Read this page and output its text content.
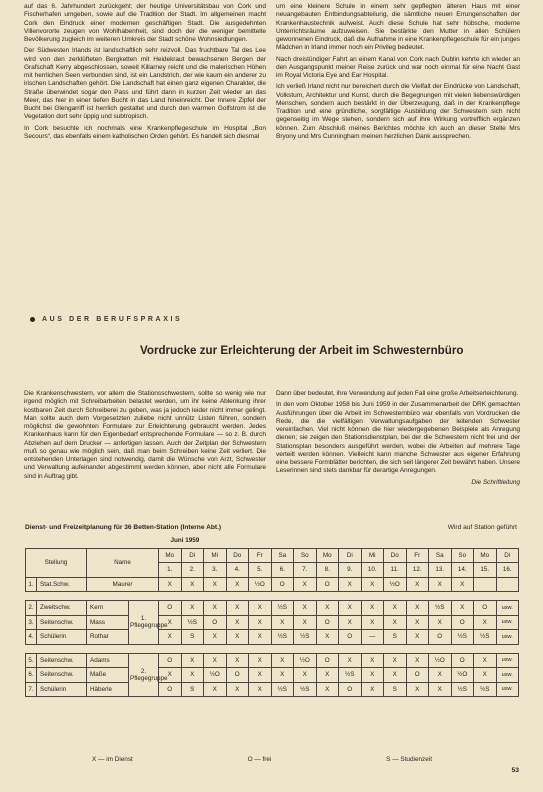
auf das 6. Jahrhundert zurückgeht; der heutige Universitätsbau von Cork und Fischerhafen umgeben, sowie auf die Tradition der Stadt. Im allgemeinen macht Cork den Eindruck einer modernen geschäftigen Stadt. Die ausgedehnten Villenvororte zeugen von Wohlhabenheit, sind doch der die weniger bemittelte Bevölkerung zugleich im weiteren Umkreis der Stadt schöne Wohnsiedlungen.

Der Südwesten Irlands ist landschaftlich sehr reizvoll. Das fruchtbare Tal des Lee wird von den zerklüfteten Bergketten mit Heidekraut bewachsenen Bergen der Grafschaft Kerry abgeschlossen, soweit Killarney reicht und die malerischen Höhen mit herrlichen Seen verbunden sind, ist ein Landstrich, der wie kaum ein anderer zu irischen Landschaften gehört. Die Landschaft hat einen ganz eigenen Charakter, die Straße überwindet sogar den Pass und führt dann in kurzen Zeit wieder an das Meer, das hier in einer tiefen Bucht in das Land hineinreicht. Der Innere Zipfel der Bucht bei Glengarriff ist herrlich gestaltet und durch den warmen Golfstrom ist die Vegetation dort sehr üppig und subtropisch.

In Cork besuchte ich nochmals eine Krankenpflegeschule im Hospital „Bon Secours“, das ebenfalls einem katholischen Orden gehört. Es handelt sich diesmal

um eine kleinere Schule in einem sehr gepflegten älteren Haus mit einer neuangebauten Entbindungsabteilung, die sämtliche neuen Errungenschaften der Krankenhaustechnik aufweist. Auch diese Schule hat sehr hübsche, moderne Unterrichtsräume aufzuweisen. Sie bestärkte den Mutter in allen Schülern gewonnenen Eindruck, daß die Aufnahme in eine Krankenpflegeschule für ein junges Mädchen in Irland immer noch ein Privileg bedeutet.

Nach dreistündiger Fahrt an einem Kanal von Cork nach Dublin kehrte ich wieder an den Ausgangspunkt meiner Reise zurück und war noch einmal für eine Nacht Gast im Royal Victoria Eye and Ear Hospital.

Ich verließ Irland nicht nur bereichert durch die Vielfalt der Eindrücke von Landschaft, Volkstum, Architektur und Kunst, durch die Begegnungen mit vielen liebenswürdigen Menschen, sondern auch bestärkt in der Überzeugung, daß in der Krankenpflege Tradition und eine gründliche, sorgfältige Ausbildung der Schwestern sich nicht gegenseitig im Wege stehen, sondern sich auf ihre Wirkung vortrefflich ergänzen können. Zum Abschluß meines Berichtes möchte ich auch an dieser Stelle Mrs Bryony und Mrs Cunningham meinen herzlichen Dank aussprechen.

AUS DER BERUFSPRAXIS
Vordrucke zur Erleichterung der Arbeit im Schwesternbüro

Die Krankenschwestern, vor allem die Stationsschwestern, sollte so wenig wie nur irgend möglich mit Schreibarbeiten belastet werden, um ihr keine Ablenkung ihrer kostbaren Zeit durch Schreiberei zu geben, was ja jedoch leider nicht immer gelingt. Man sollte auch dem Vorgesetzten zuliebe nicht unnütz Listen führen, sondern möglichst die gewohnten Formulare zur Erleichterung gebraucht werden. Jedes Krankenhaus kann für den Eigenbedarf entsprechende Formulare — so z. B. durch Abziehen auf dem Drucker — anfertigen lassen. Auch der Zeitplan der Schwestern muß so genau wie möglich sein, daß man beim Schreiben keine Zeit verliert. Die entstehenden Unterlagen sind notwendig, damit die Wünsche von Arzt, Schwester und Verwaltung aufeinander abgestimmt werden können, aber nicht alle Formulare sind in Auftrag gibt.

Dann über bedeutet, ihre Verwendung auf jeden Fall eine große Arbeitserleichterung.

In den vom Oktober 1958 bis Juni 1959 in der Zusammenarbeit der DRK gemachten Ausführungen über die Arbeit im Schwesternbüro war ebenfalls von Vordrucken die Rede, die die vielfältigen Verwaltungsaufgaben der leitenden Schwester vereinfachen. Viel nicht können die hier wiedergegebenen Beispiele als Anregung dienen; sie zeigen den Stationsdienstplan, bei der die Schwestern nicht frei und der Stationsplan besonders ausgeführt werden, wobei die Arbeiten auf mehrere Tage verteilt werden können. Vielleicht kann manche Schwester aus eigener Erfahrung eine bessere Formblätter berichten, die sich seit längerer Zeit bewährt haben. Unsere Leserinnen sind stets dankbar für derartige Anregungen.

Die Schriftleitung
Dienst- und Freizeitplanung für 36 Betten-Station (Interne Abt.)	Wird auf Station geführt
				Juni 1959															
Stellung		Name		Mo	Di	Mi	Do	Fr	Sa	So	Mo	Di	Mi	Do	Fr	Sa	So	Mo	Di
				1.	2.	3.	4.	5.	6.	7.	8.	9.	10.	11.	12.	13.	14.	15.	16.
1.	Stat.Schw.	Maurer		X	X	X	X	½O	O	X	O	X	X	½O	X	X	X		

2.	Zweitschw.	Kern	1. Pflegegruppe	O	X	X	X	X	½S	X	X	X	X	X	X	½S	X	O	usw.
3.	Seitenschw.	Mass		X	½S	O	X	X	X	X	O	X	X	X	X	X	O	X	usw.
4.	Schülerin	Rothar		X	S	X	X	X	½S	½S	X	O	—	S	X	O	½S	½S	usw.

5.	Seitenschw.	Adams	2. Pflegegruppe	O	X	X	X	X	X	½O	O	X	X	X	X	½O	O	X	usw.
6.	Seitenschw.	Maße		X	X	½O	O	X	X	X	X	½S	X	X	O	X	½O	X	usw.
7.	Schülerin	Häberle		O	S	X	X	X	½S	½S	X	O	X	S	X	X	½S	½S	usw.
X — im Dienst	O — frei	S — Studienzeit
53
